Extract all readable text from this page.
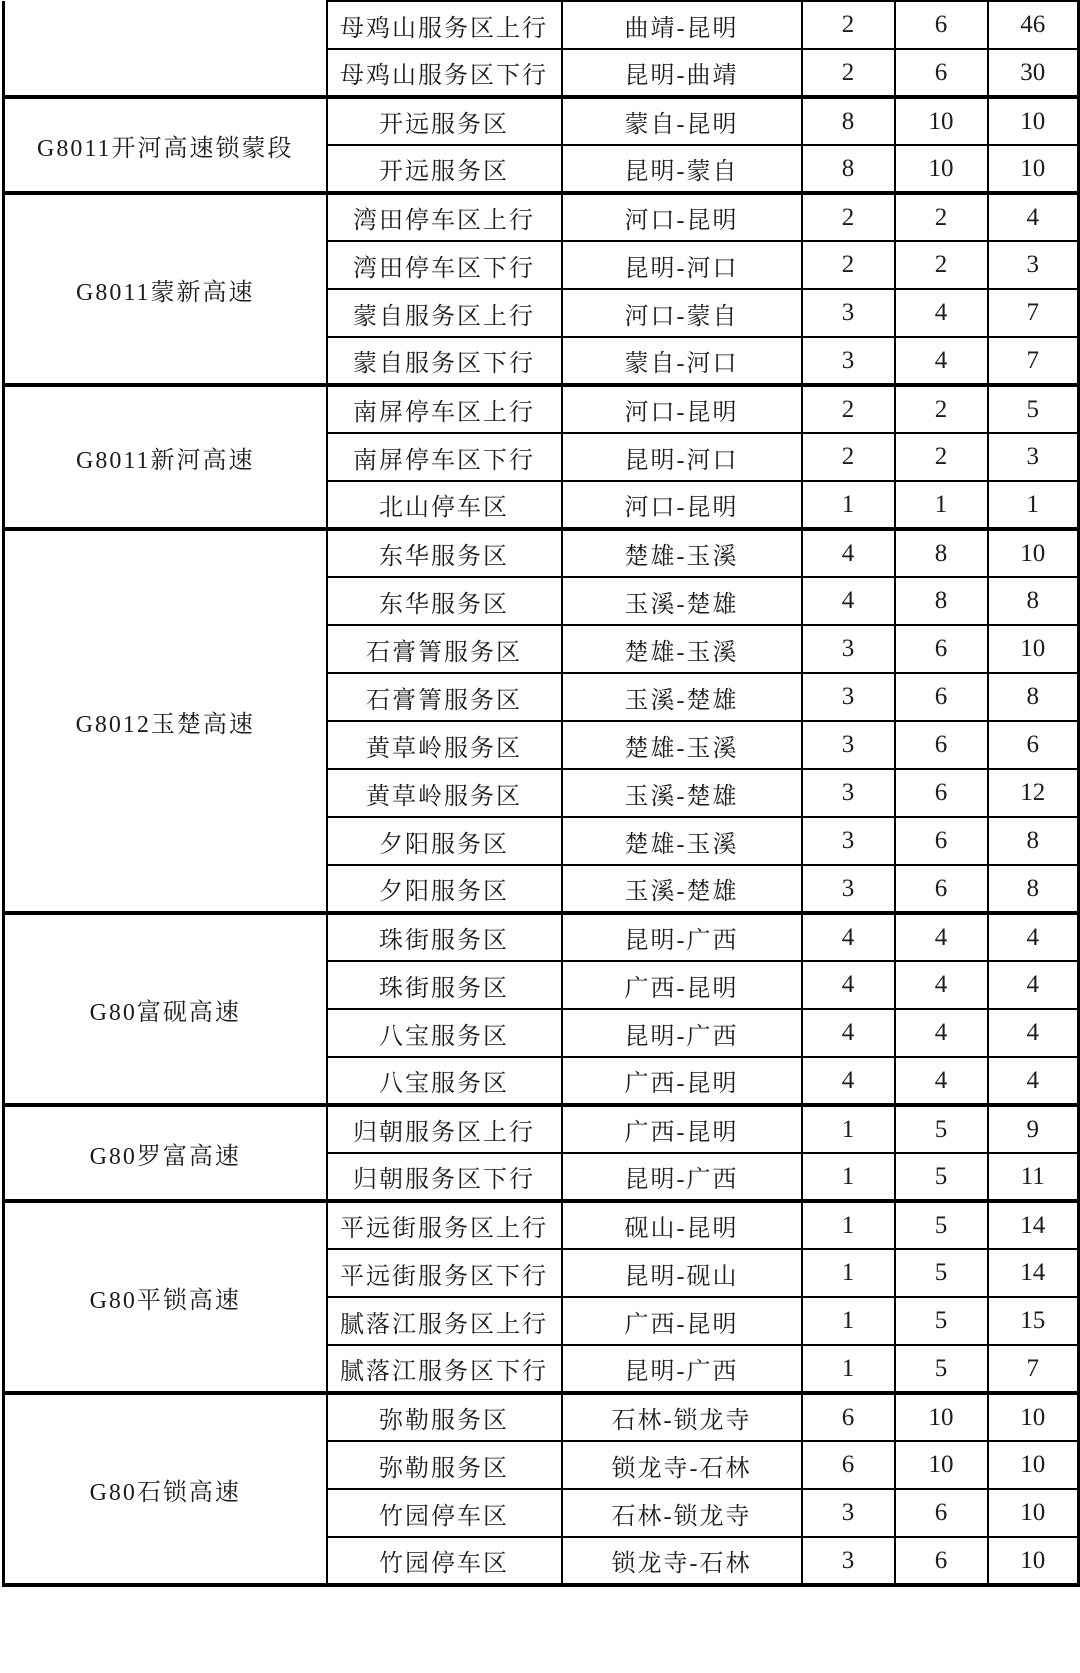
	母鸡山服务区上行	曲靖-昆明	2	6	46
	母鸡山服务区下行	昆明-曲靖	2	6	30
G8011开河高速锁蒙段	开远服务区	蒙自-昆明	8	10	10
	开远服务区	昆明-蒙自	8	10	10
G8011蒙新高速	湾田停车区上行	河口-昆明	2	2	4
	湾田停车区下行	昆明-河口	2	2	3
	蒙自服务区上行	河口-蒙自	3	4	7
	蒙自服务区下行	蒙自-河口	3	4	7
G8011新河高速	南屏停车区上行	河口-昆明	2	2	5
	南屏停车区下行	昆明-河口	2	2	3
	北山停车区	河口-昆明	1	1	1
G8012玉楚高速	东华服务区	楚雄-玉溪	4	8	10
	东华服务区	玉溪-楚雄	4	8	8
	石膏箐服务区	楚雄-玉溪	3	6	10
	石膏箐服务区	玉溪-楚雄	3	6	8
	黄草岭服务区	楚雄-玉溪	3	6	6
	黄草岭服务区	玉溪-楚雄	3	6	12
	夕阳服务区	楚雄-玉溪	3	6	8
	夕阳服务区	玉溪-楚雄	3	6	8
G80富砚高速	珠街服务区	昆明-广西	4	4	4
	珠街服务区	广西-昆明	4	4	4
	八宝服务区	昆明-广西	4	4	4
	八宝服务区	广西-昆明	4	4	4
G80罗富高速	归朝服务区上行	广西-昆明	1	5	9
	归朝服务区下行	昆明-广西	1	5	11
G80平锁高速	平远街服务区上行	砚山-昆明	1	5	14
	平远街服务区下行	昆明-砚山	1	5	14
	腻落江服务区上行	广西-昆明	1	5	15
	腻落江服务区下行	昆明-广西	1	5	7
G80石锁高速	弥勒服务区	石林-锁龙寺	6	10	10
	弥勒服务区	锁龙寺-石林	6	10	10
	竹园停车区	石林-锁龙寺	3	6	10
	竹园停车区	锁龙寺-石林	3	6	10
